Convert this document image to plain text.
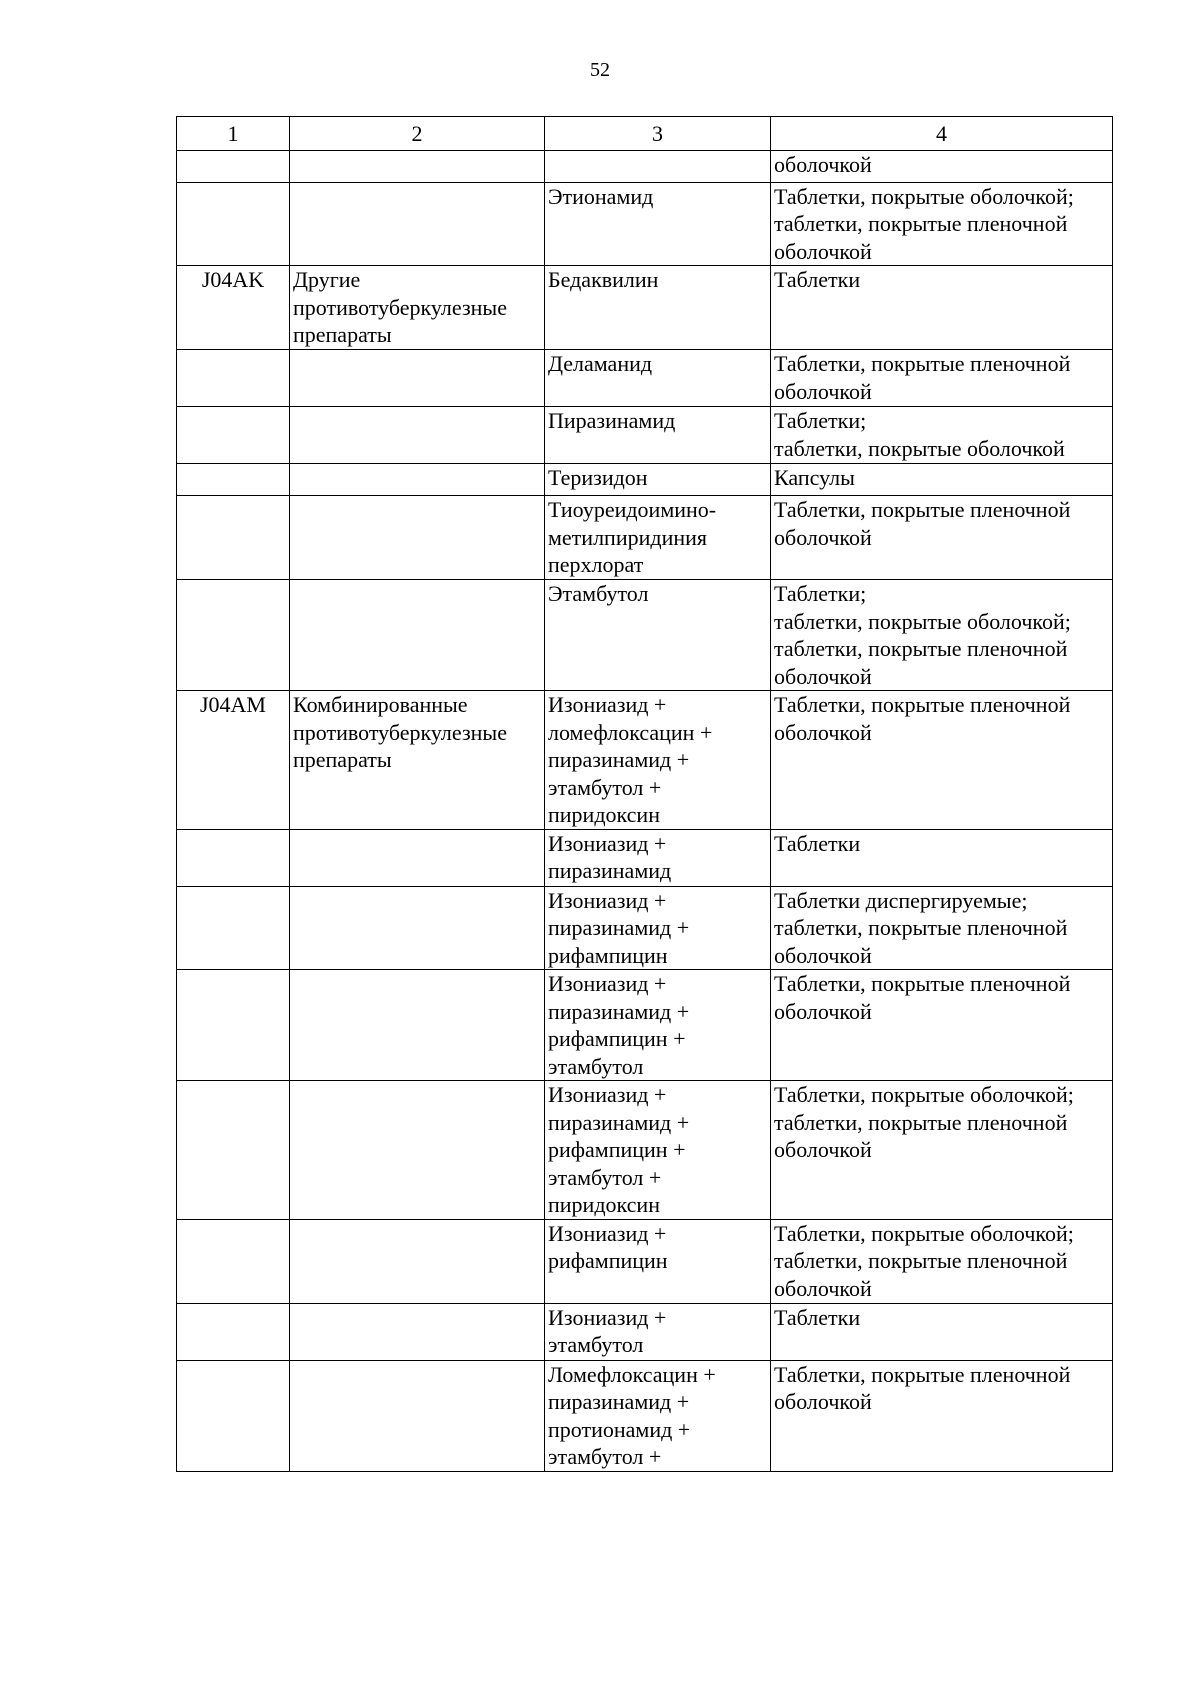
52
1	2	3	4
			оболочкой
		Этионамид	Таблетки, покрытые оболочкой;
таблетки, покрытые пленочной
оболочкой
J04AK	Другие
противотуберкулезные
препараты	Бедаквилин	Таблетки
		Деламанид	Таблетки, покрытые пленочной
оболочкой
		Пиразинамид	Таблетки;
таблетки, покрытые оболочкой
		Теризидон	Капсулы
		Тиоуреидоимино-
метилпиридиния
перхлорат	Таблетки, покрытые пленочной
оболочкой
		Этамбутол	Таблетки;
таблетки, покрытые оболочкой;
таблетки, покрытые пленочной
оболочкой
J04AM	Комбинированные
противотуберкулезные
препараты	Изониазид +
ломефлоксацин +
пиразинамид +
этамбутол +
пиридоксин	Таблетки, покрытые пленочной
оболочкой
		Изониазид +
пиразинамид	Таблетки
		Изониазид +
пиразинамид +
рифампицин	Таблетки диспергируемые;
таблетки, покрытые пленочной
оболочкой
		Изониазид +
пиразинамид +
рифампицин +
этамбутол	Таблетки, покрытые пленочной
оболочкой
		Изониазид +
пиразинамид +
рифампицин +
этамбутол +
пиридоксин	Таблетки, покрытые оболочкой;
таблетки, покрытые пленочной
оболочкой
		Изониазид +
рифампицин	Таблетки, покрытые оболочкой;
таблетки, покрытые пленочной
оболочкой
		Изониазид +
этамбутол	Таблетки
		Ломефлоксацин +
пиразинамид +
протионамид +
этамбутол +	Таблетки, покрытые пленочной
оболочкой
